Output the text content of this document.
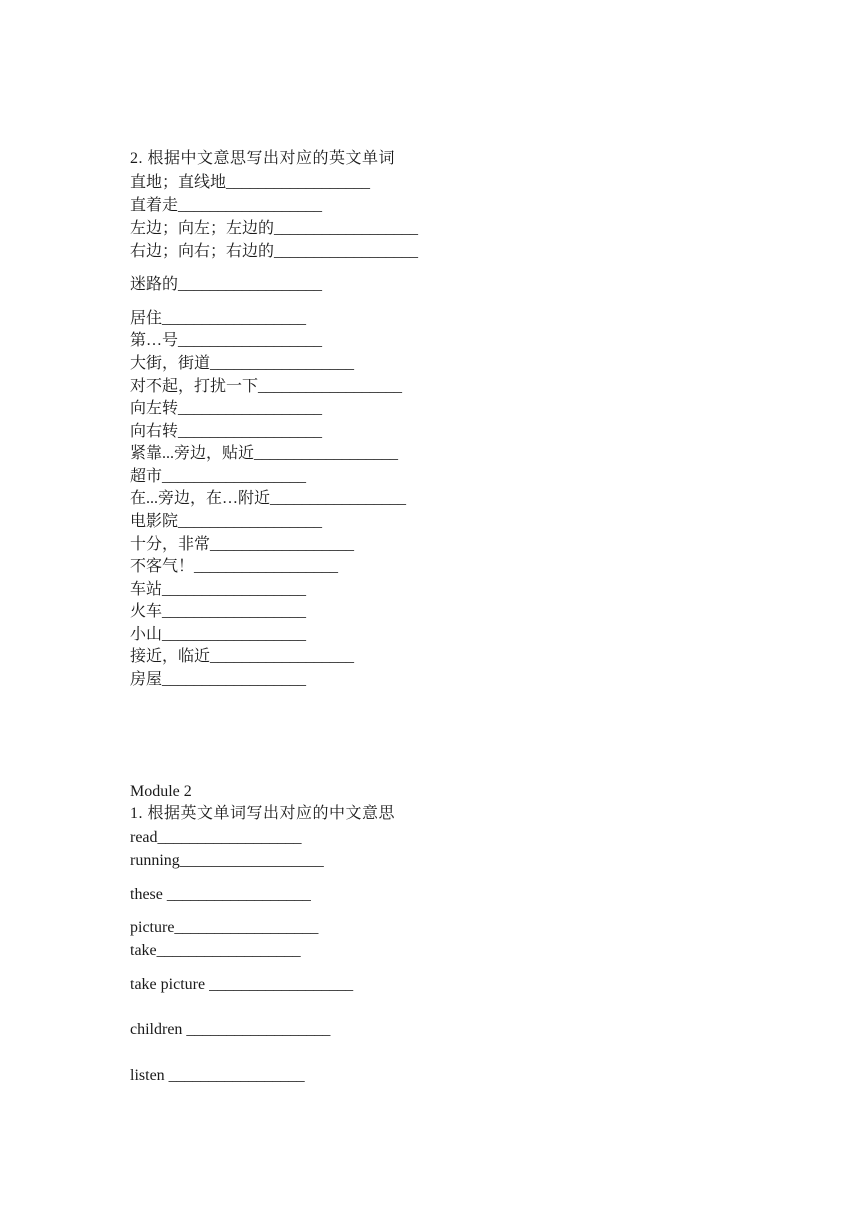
2. 根据中文意思写出对应的英文单词
直地；直线地__________________
直着走__________________
左边；向左；左边的__________________
右边；向右；右边的__________________
迷路的__________________
居住__________________
第…号__________________
大街，街道__________________
对不起，打扰一下__________________
向左转__________________
向右转__________________
紧靠...旁边，贴近__________________
超市__________________
在...旁边，在…附近_________________
电影院__________________
十分，非常__________________
不客气！__________________
车站__________________
火车__________________
小山__________________
接近，临近__________________
房屋__________________
Module 2
1. 根据英文单词写出对应的中文意思
read__________________
running__________________
these __________________
picture__________________
take__________________
take picture __________________
children __________________
listen _________________
